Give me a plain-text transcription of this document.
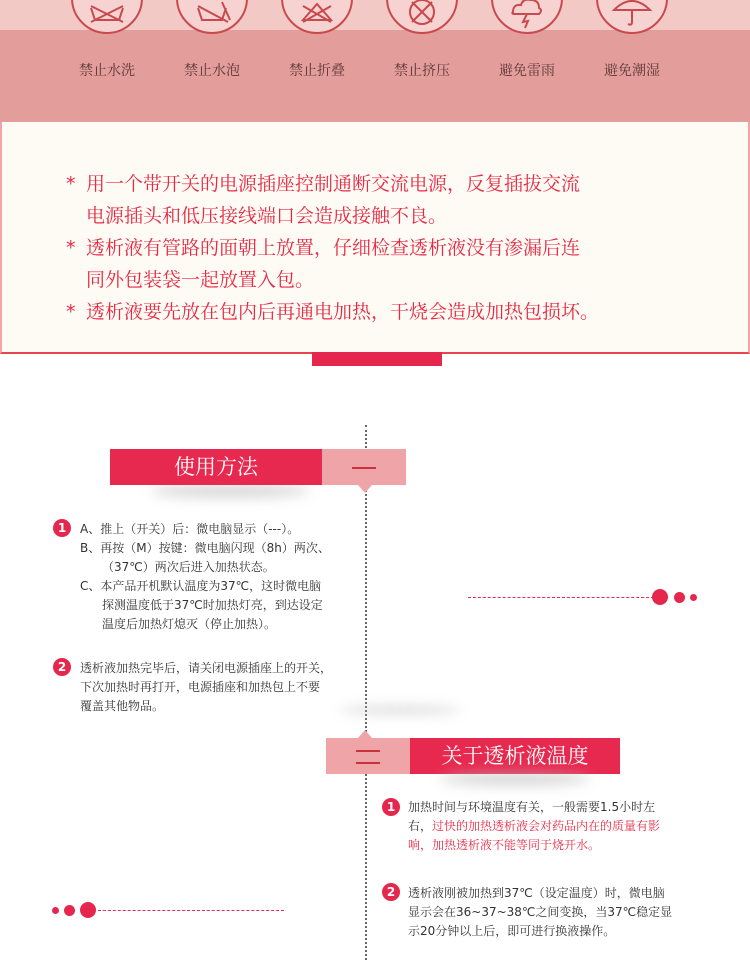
禁止水洗	禁止水泡	禁止折叠	禁止挤压	避免雷雨	避免潮湿
* 用一个带开关的电源插座控制通断交流电源，反复插拔交流
电源插头和低压接线端口会造成接触不良。
* 透析液有管路的面朝上放置，仔细检查透析液没有渗漏后连
同外包装袋一起放置入包。
* 透析液要先放在包内后再通电加热，干烧会造成加热包损坏。
使用方法
1	A、推上（开关）后：微电脑显示（---）。
B、再按（M）按键：微电脑闪现（8h）两次、
（37℃）两次后进入加热状态。
C、本产品开机默认温度为37℃，这时微电脑
探测温度低于37℃时加热灯亮，到达设定
温度后加热灯熄灭（停止加热）。
2	透析液加热完毕后，请关闭电源插座上的开关，
下次加热时再打开，电源插座和加热包上不要
覆盖其他物品。
关于透析液温度
1	加热时间与环境温度有关，一般需要1.5小时左
右，过快的加热透析液会对药品内在的质量有影
响，加热透析液不能等同于烧开水。
2	透析液刚被加热到37℃（设定温度）时，微电脑
显示会在36~37~38℃之间变换，当37℃稳定显
示20分钟以上后，即可进行换液操作。
